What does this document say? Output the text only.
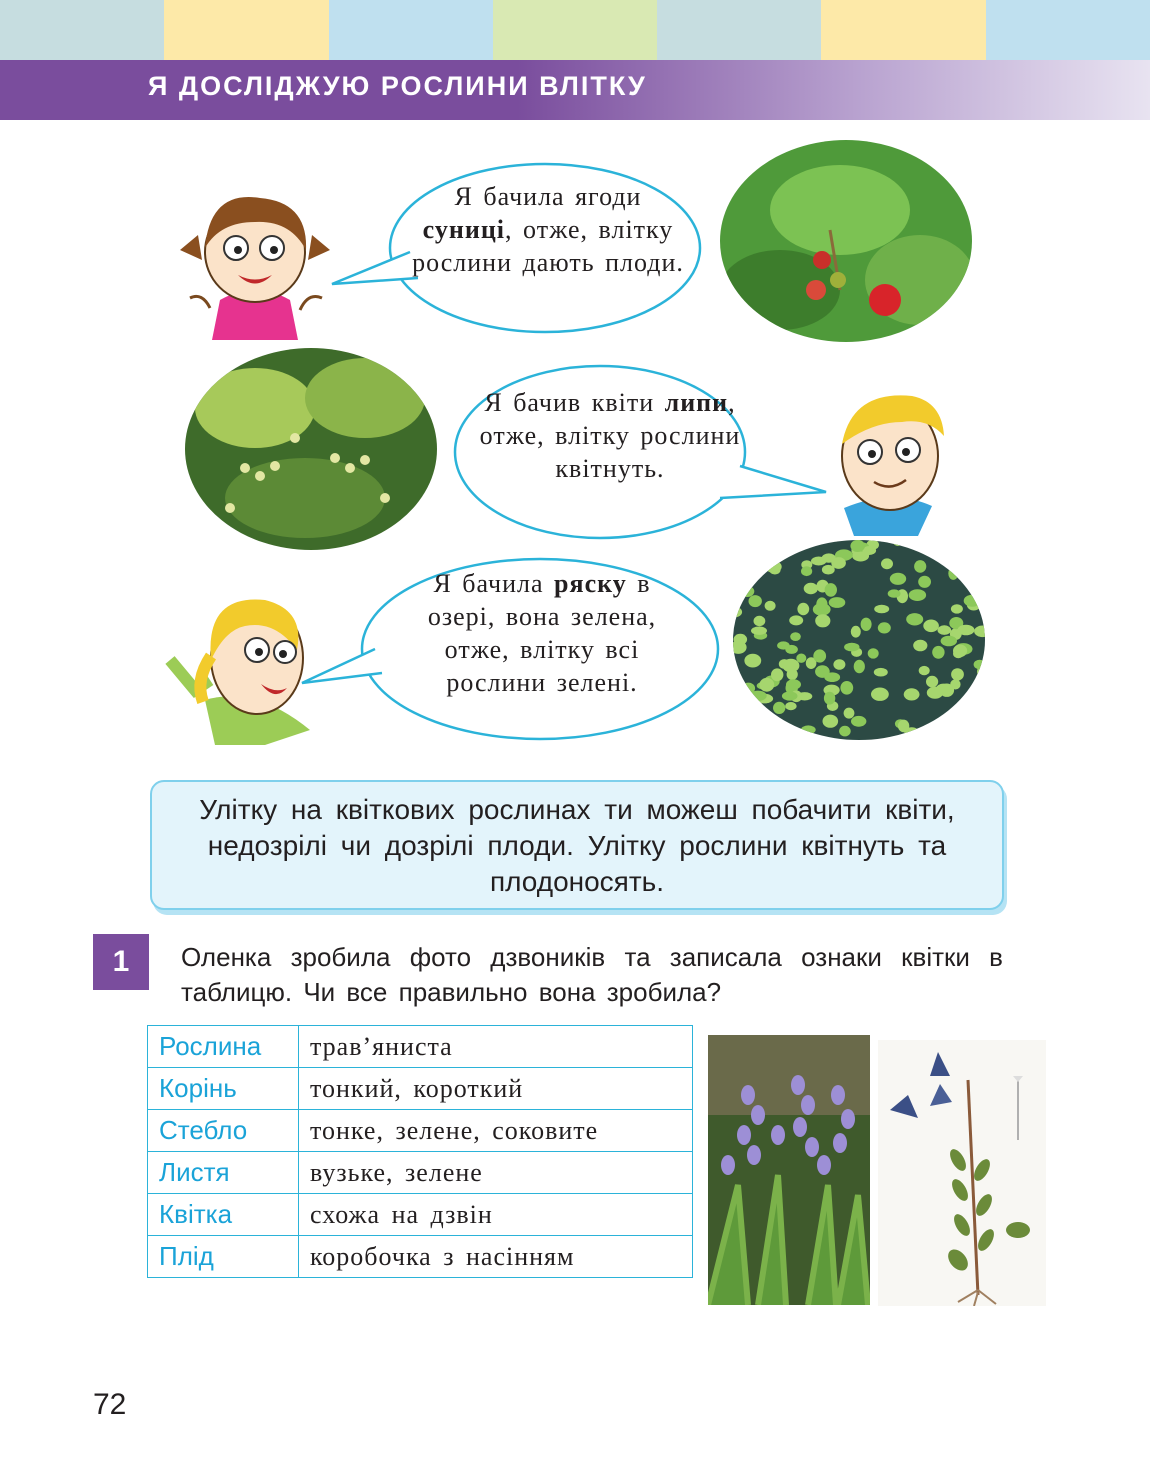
Я ДОСЛІДЖУЮ РОСЛИНИ ВЛІТКУ
Я бачила ягоди суниці, отже, влітку рослини дають плоди.
Я бачив квіти липи, отже, влітку рослини квітнуть.
Я бачила ряску в озері, вона зелена, отже, влітку всі рослини зелені.

Улітку на квіткових рослинах ти можеш побачити квіти, недозрілі чи дозрілі плоди. Улітку рослини квітнуть та плодоносять.

1	Оленка зробила фото дзвоників та записала ознаки квітки в таблицю. Чи все правильно вона зробила?
Рослина	трав’яниста
Корінь	тонкий, короткий
Стебло	тонке, зелене, соковите
Листя	вузьке, зелене
Квітка	схожа на дзвін
Плід	коробочка з насінням
72
